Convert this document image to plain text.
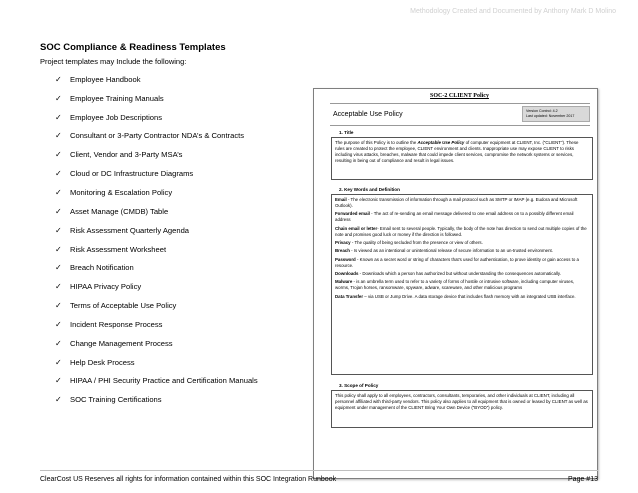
Methodology Created and Documented by Anthony Mark D Molino
SOC Compliance & Readiness Templates
Project templates may Include the following:
✓	Employee Handbook
✓	Employee Training Manuals
✓	Employee Job Descriptions
✓	Consultant or 3-Party Contractor NDA’s & Contracts
✓	Client, Vendor and 3-Party MSA’s
✓	Cloud or DC Infrastructure Diagrams
✓	Monitoring & Escalation Policy
✓	Asset Manage (CMDB) Table
✓	Risk Assessment Quarterly Agenda
✓	Risk Assessment Worksheet
✓	Breach Notification
✓	HIPAA Privacy Policy
✓	Terms of Acceptable Use Policy
✓	Incident Response Process
✓	Change Management Process
✓	Help Desk Process
✓	HIPAA / PHI Security Practice and Certification Manuals
✓	SOC Training Certifications
SOC-2 CLIENT Policy
Acceptable Use Policy	Version Control: 4.2
Last updated: November 2017
1. Title

The purpose of this Policy is to outline the Acceptable Use Policy of computer equipment at CLIENT, Inc. (“CLIENT”). These rules are created to protect the employee, CLIENT environment and clients. Inappropriate use may expose CLIENT to risks including virus attacks, breaches, malware that could impede client services, compromise the network systems or services, resulting in being out of compliance and result in legal issues.

2. Key Words and Definition

Email - The electronic transmission of information through a mail protocol such as SMTP or IMAP (e.g. Eudora and Microsoft Outlook).

Forwarded email - The act of re-sending an email message delivered to one email address on to a possibly different email address

Chain email or letter- Email sent to several people. Typically, the body of the note has direction to send out multiple copies of the note and promises good luck or money if the direction is followed.

Privacy - The quality of being secluded from the presence or view of others.

Breach - Is viewed as an intentional or unintentional release of secure information to an un-trusted environment.

Password - Known as a secret word or string of characters that’s used for authentication, to prove identity or gain access to a resource.

Downloads - Downloads which a person has authorized but without understanding the consequences automatically.

Malware - is an umbrella term used to refer to a variety of forms of hostile or intrusive software, including computer viruses, worms, Trojan horses, ransomware, spyware, adware, scareware, and other malicious programs

Data Transfer – via USB or Jump Drive. A data storage device that includes flash memory with an integrated USB interface.

3. Scope of Policy

This policy shall apply to all employees, contractors, consultants, temporaries, and other individuals at CLIENT, including all personnel affiliated with third-party vendors. This policy also applies to all equipment that is owned or leased by CLIENT as well as equipment under management of the CLIENT Bring Your Own Device (“BYOD”) policy.

ClearCost US Reserves all rights for information contained within this SOC Integration Runbook	Page #13
